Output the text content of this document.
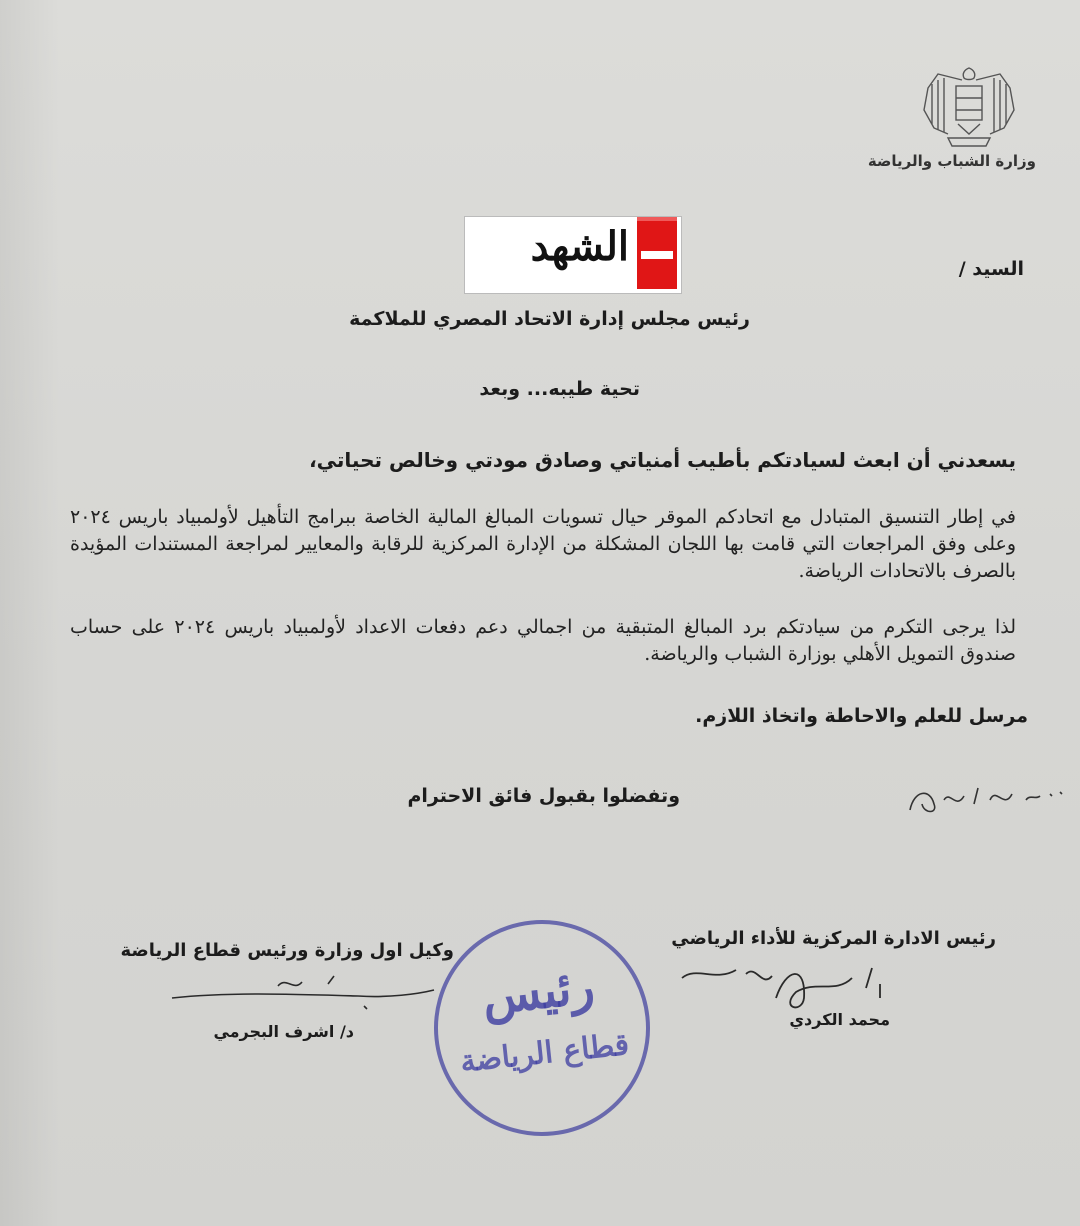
وزارة الشباب والرياضة
الشهد	السيد /
رئيس مجلس إدارة الاتحاد المصري للملاكمة
تحية طيبه... وبعد
يسعدني أن ابعث لسيادتكم بأطيب أمنياتي وصادق مودتي وخالص تحياتي،
في إطار التنسيق المتبادل مع اتحادكم الموقر حيال تسويات المبالغ المالية الخاصة ببرامج التأهيل لأولمبياد باريس ٢٠٢٤ وعلى وفق المراجعات التي قامت بها اللجان المشكلة من الإدارة المركزية للرقابة والمعايير لمراجعة المستندات المؤيدة بالصرف بالاتحادات الرياضة.
لذا يرجى التكرم من سيادتكم برد المبالغ المتبقية من اجمالي دعم دفعات الاعداد لأولمبياد باريس ٢٠٢٤ على حساب صندوق التمويل الأهلي بوزارة الشباب والرياضة.
مرسل للعلم والاحاطة واتخاذ اللازم.
وتفضلوا بقبول فائق الاحترام
رئيس الادارة المركزية للأداء الرياضي
محمد الكردي
وكيل اول وزارة ورئيس قطاع الرياضة
د/ اشرف البجرمي
رئيس
قطاع الرياضة
